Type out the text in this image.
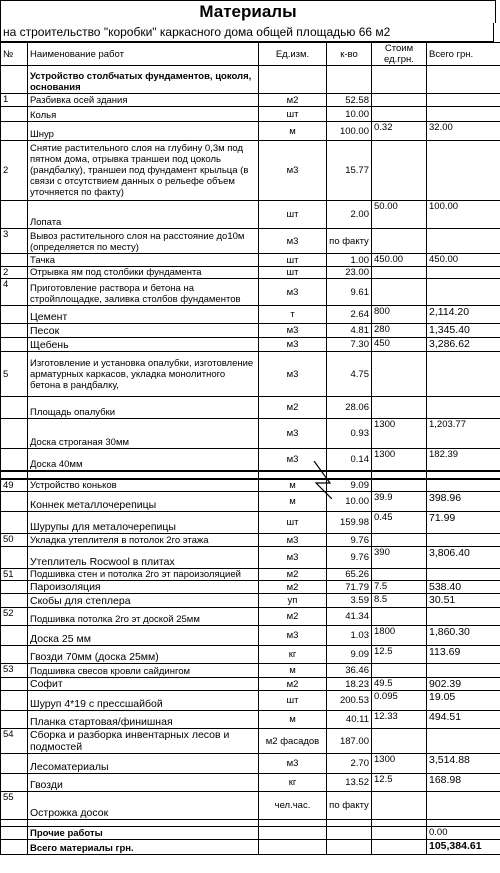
Материалы
на строительство "коробки" каркасного дома общей площадью 66 м2
№	Наименование работ	Ед.изм.	к-во	Стоим ед.грн.	Всего грн.
	Устройство столбчатых фундаментов, цоколя, основания				
1	Разбивка осей здания	м2	52.58		
	Колья	шт	10.00		
	Шнур	м	100.00	0.32	32.00
2	Снятие растительного слоя на глубину 0,3м под пятном дома, отрывка траншеи под цоколь (рандбалку), траншеи под фундамент крыльца (в связи с отсутствием данных о рельефе объем уточняется по факту)	м3	15.77		
	Лопата	шт	2.00	50.00	100.00
3	Вывоз растительного слоя на расстояние до10м (определяется по месту)	м3	по факту		
	Тачка	шт	1.00	450.00	450.00
2	Отрывка ям под столбики фундамента	шт	23.00		
4	Приготовление раствора и бетона на стройплощадке, заливка столбов фундаментов	м3	9.61		
	Цемент	т	2.64	800	2,114.20
	Песок	м3	4.81	280	1,345.40
	Щебень	м3	7.30	450	3,286.62
5	Изготовление и установка опалубки, изготовление арматурных каркасов, укладка монолитного бетона в рандбалку,	м3	4.75		
	Площадь опалубки	м2	28.06		
	Доска строганая 30мм	м3	0.93	1300	1,203.77
	Доска 40мм	м3	0.14	1300	182.39

49	Устройство коньков	м	9.09		
	Коннек металлочерепицы	м	10.00	39.9	398.96
	Шурупы для металочерепицы	шт	159.98	0.45	71.99
50	Укладка утеплителя в потолок 2го этажа	м3	9.76		
	Утеплитель Rocwool в плитах	м3	9.76	390	3,806.40
51	Подшивка стен и потолка 2го эт пароизоляцией	м2	65.26		
	Пароизоляция	м2	71.79	7.5	538.40
	Скобы для степлера	уп	3.59	8.5	30.51
52	Подшивка потолка 2го эт доской 25мм	м2	41.34		
	Доска 25 мм	м3	1.03	1800	1,860.30
	Гвозди 70мм (доска 25мм)	кг	9.09	12.5	113.69
53	Подшивка свесов кровли сайдингом	м	36.46		
	Софит	м2	18.23	49.5	902.39
	Шуруп 4*19 с прессшайбой	шт	200.53	0.095	19.05
	Планка стартовая/финишная	м	40.11	12.33	494.51
54	Сборка и разборка инвентарных лесов и подмостей	м2 фасадов	187.00		
	Лесоматериалы	м3	2.70	1300	3,514.88
	Гвозди	кг	13.52	12.5	168.98
55	Острожка досок	чел.час.	по факту		

	Прочие работы				0.00
	Всего материалы грн.				105,384.61
